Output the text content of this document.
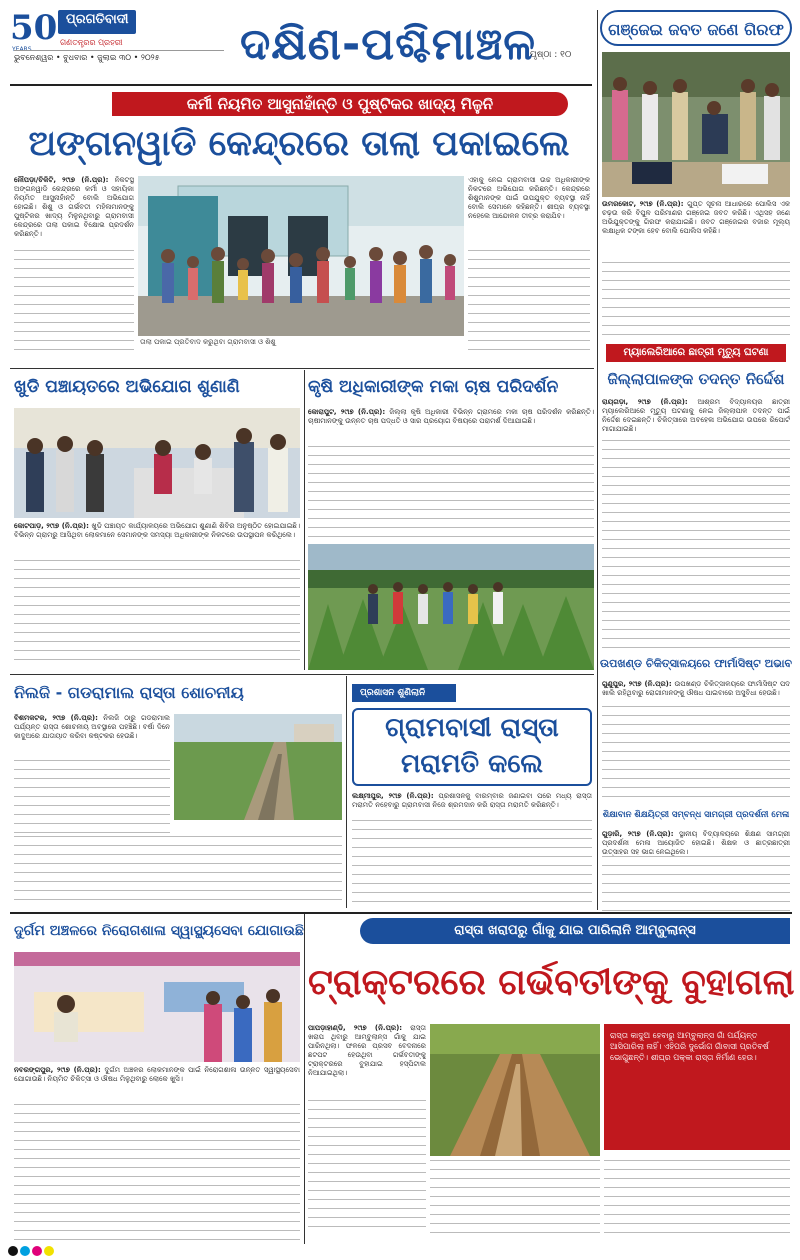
50
YEARS
ପ୍ରଗତିବାଦୀ
ଗଣତନ୍ତ୍ରର ପ୍ରହରୀ
ଭୁବନେଶ୍ୱର • ବୁଧବାର • ଜୁଲାଇ ୩୦ • ୨୦୨୫	ଦକ୍ଷିଣ-ପଶ୍ଚିମାଞ୍ଚଳ
ପୃଷ୍ଠା : ୧୦
କର୍ମୀ ନିୟମିତ ଆସୁନାହାଁନ୍ତି ଓ ପୁଷ୍ଟିକର ଖାଦ୍ୟ ମିଳୁନି
ଅଙ୍ଗନୱାଡି କେନ୍ଦ୍ରରେ ତାଲା ପକାଇଲେ
ନୌପଡ଼ା/ଚିକିଟି, ୨୯ା୭ (ନି.ପ୍ର): ନିକଟସ୍ଥ ଅଙ୍ଗନୱାଡି କେନ୍ଦ୍ରରେ କର୍ମୀ ଓ ସହାୟିକା ନିୟମିତ ଆସୁନାହାଁନ୍ତି ବୋଲି ଅଭିଯୋଗ ହୋଇଛି। ଶିଶୁ ଓ ଗର୍ଭବତୀ ମହିଳାମାନଙ୍କୁ ପୁଷ୍ଟିକର ଖାଦ୍ୟ ମିଳୁନଥିବାରୁ ଗ୍ରାମବାସୀ କେନ୍ଦ୍ରରେ ତାଲା ପକାଇ ବିକ୍ଷୋଭ ପ୍ରଦର୍ଶନ କରିଛନ୍ତି।
ତାଲା ପକାଇ ପ୍ରତିବାଦ କରୁଥିବା ଗ୍ରାମବାସୀ ଓ ଶିଶୁ
ଏହାକୁ ନେଇ ଗ୍ରାମବାସୀ ଉଚ୍ଚ ଅଧିକାରୀଙ୍କ ନିକଟରେ ଅଭିଯୋଗ କରିଛନ୍ତି। କେନ୍ଦ୍ରରେ ଶିଶୁମାନଙ୍କ ପାଇଁ ଉପଯୁକ୍ତ ବ୍ୟବସ୍ଥା ନାହିଁ ବୋଲି ସେମାନେ କହିଛନ୍ତି। ଶୀଘ୍ର ବ୍ୟବସ୍ଥା ନହେଲେ ଆନ୍ଦୋଳନ ତୀବ୍ର କରାଯିବ।
ଗଞ୍ଜେଇ ଜବତ ଜଣେ ଗିରଫ
ଉମରକୋଟ, ୨୯ା୭ (ନି.ପ୍ର): ଗୁପ୍ତ ସୂଚନା ଆଧାରରେ ପୋଲିସ ଏକ ଚଢ଼ଉ କରି ବିପୁଳ ପରିମାଣର ଗଞ୍ଜେଇ ଜବତ କରିଛି। ଏଥିସହ ଜଣେ ଅଭିଯୁକ୍ତଙ୍କୁ ଗିରଫ କରାଯାଇଛି। ଜବତ ଗଞ୍ଜେଇର ବଜାର ମୂଲ୍ୟ ଲକ୍ଷାଧିକ ଟଙ୍କା ହେବ ବୋଲି ପୋଲିସ କହିଛି।
ମ୍ୟାଲେରିଆରେ ଛାତ୍ରୀ ମୃତ୍ୟୁ ଘଟଣା
ଜିଲ୍ଲାପାଳଙ୍କ ତଦନ୍ତ ନିର୍ଦ୍ଦେଶ
ରାୟଗଡ଼ା, ୨୯ା୭ (ନି.ପ୍ର): ଆଶ୍ରମ ବିଦ୍ୟାଳୟର ଛାତ୍ରୀ ମ୍ୟାଲେରିଆରେ ମୃତ୍ୟୁ ଘଟଣାକୁ ନେଇ ଜିଲ୍ଲାପାଳ ତଦନ୍ତ ପାଇଁ ନିର୍ଦ୍ଦେଶ ଦେଇଛନ୍ତି। ଚିକିତ୍ସାରେ ଅବହେଳା ଅଭିଯୋଗ ଉପରେ ରିପୋର୍ଟ ମାଗାଯାଇଛି।
ଉପଖଣ୍ଡ ଚିକିତ୍ସାଳୟରେ ଫାର୍ମାସିଷ୍ଟ ଅଭାବ
ଗୁଣୁପୁର, ୨୯ା୭ (ନି.ପ୍ର): ଉପଖଣ୍ଡ ଚିକିତ୍ସାଳୟରେ ଫାର୍ମାସିଷ୍ଟ ପଦ ଖାଲି ରହିଥିବାରୁ ରୋଗୀମାନଙ୍କୁ ଔଷଧ ପାଇବାରେ ଅସୁବିଧା ହେଉଛି।
ଶିକ୍ଷାବାନ ଶିକ୍ଷୟିତ୍ରୀ ସମ୍ବନ୍ଧ ସାମଗ୍ରୀ ପ୍ରଦର୍ଶନୀ ମେଳା
ଗୁଡ଼ାରି, ୨୯ା୭ (ନି.ପ୍ର): ସ୍ଥାନୀୟ ବିଦ୍ୟାଳୟରେ ଶିକ୍ଷଣ ସାମଗ୍ରୀ ପ୍ରଦର୍ଶନୀ ମେଳା ଆୟୋଜିତ ହୋଇଛି। ଶିକ୍ଷକ ଓ ଛାତ୍ରଛାତ୍ରୀ ଉତ୍ସାହର ସହ ଭାଗ ନେଇଥିଲେ।
ଖୁଡି ପଞ୍ଚାୟତରେ ଅଭିଯୋଗ ଶୁଣାଣି	କୃଷି ଅଧିକାରୀଙ୍କ ମକା ଚାଷ ପରିଦର୍ଶନ
କୋଟପାଡ଼, ୨୯ା୭ (ନି.ପ୍ର): ଖୁଡି ପଞ୍ଚାୟତ କାର୍ଯ୍ୟାଳୟରେ ଅଭିଯୋଗ ଶୁଣାଣି ଶିବିର ଅନୁଷ୍ଠିତ ହୋଇଯାଇଛି। ବିଭିନ୍ନ ଗ୍ରାମରୁ ଆସିଥିବା ଲୋକମାନେ ସେମାନଙ୍କ ସମସ୍ୟା ଅଧିକାରୀଙ୍କ ନିକଟରେ ଉପସ୍ଥାପନ କରିଥିଲେ।
କୋରାପୁଟ, ୨୯ା୭ (ନି.ପ୍ର): ଜିଲ୍ଲା କୃଷି ଅଧିକାରୀ ବିଭିନ୍ନ ଗ୍ରାମରେ ମକା ଚାଷ ପରିଦର୍ଶନ କରିଛନ୍ତି। ଚାଷୀମାନଙ୍କୁ ଉନ୍ନତ ଚାଷ ପଦ୍ଧତି ଓ ସାର ପ୍ରୟୋଗ ବିଷୟରେ ପରାମର୍ଶ ଦିଆଯାଇଛି।
ନିଲଜି - ଗଡରାମାଲ ରାସ୍ତା ଶୋଚନୀୟ
ବିଶମକଟକ, ୨୯ା୭ (ନି.ପ୍ର): ନିଲଜି ଠାରୁ ଗଡରାମାଲ ପର୍ଯ୍ୟନ୍ତ ରାସ୍ତା ଶୋଚନୀୟ ଅବସ୍ଥାରେ ପହଞ୍ଚିଛି। ବର୍ଷା ଦିନେ କାଦୁଅରେ ଯାତାୟାତ କରିବା କଷ୍ଟକର ହେଉଛି।
ପ୍ରଶାସନ ଶୁଣିଲାନି
ଗ୍ରାମବାସୀ ରାସ୍ତା
ମରାମତି କଲେ
ଲକ୍ଷ୍ମୀପୁର, ୨୯ା୭ (ନି.ପ୍ର): ପ୍ରଶାସନକୁ ବାରମ୍ବାର ଜଣାଇବା ପରେ ମଧ୍ୟ ରାସ୍ତା ମରାମତି ନହେବାରୁ ଗ୍ରାମବାସୀ ନିଜେ ଶ୍ରମଦାନ କରି ରାସ୍ତା ମରାମତି କରିଛନ୍ତି।
ଦୁର୍ଗମ ଅଞ୍ଚଳରେ ନିରୋଗଶାଳା ସ୍ୱାସ୍ଥ୍ୟସେବା ଯୋଗାଉଛି
ନବରଙ୍ଗପୁର, ୨୯ା୭ (ନି.ପ୍ର): ଦୁର୍ଗମ ଅଞ୍ଚଳର ଲୋକମାନଙ୍କ ପାଇଁ ନିରୋଗଶାଳା ଉନ୍ନତ ସ୍ୱାସ୍ଥ୍ୟସେବା ଯୋଗାଉଛି। ନିୟମିତ ଚିକିତ୍ସା ଓ ଔଷଧ ମିଳୁଥିବାରୁ ଲୋକେ ଖୁସି।
ରାସ୍ତା ଖରାପରୁ ଗାଁକୁ ଯାଇ ପାରିଲାନି ଆମ୍ବୁଲାନ୍ସ
ଟ୍ରାକ୍ଟରରେ ଗର୍ଭବତୀଙ୍କୁ ବୁହାଗଲା
ପାପଡ଼ାହାଣ୍ଡି, ୨୯ା୭ (ନି.ପ୍ର): ରାସ୍ତା ଖରାପ ଥିବାରୁ ଆମ୍ବୁଲାନ୍ସ ଗାଁକୁ ଯାଇ ପାରିନଥିଲା। ଫଳରେ ପ୍ରସବ ବେଦନାରେ ଛଟପଟ ହେଉଥିବା ଗର୍ଭବତୀଙ୍କୁ ଟ୍ରାକ୍ଟରରେ ବୁହାଯାଇ ହସ୍ପିଟାଲ ନିଆଯାଇଥିଲା।
ରାସ୍ତା କାଦୁଅ ହେବାରୁ ଆମ୍ବୁଲାନ୍ସ ଗାଁ ପର୍ଯ୍ୟନ୍ତ ଆସିପାରିଲା ନାହିଁ। ଏହିପରି ଦୁର୍ଭୋଗ ଗାଁବାସୀ ପ୍ରତିବର୍ଷ ଭୋଗୁଛନ୍ତି। ଶୀଘ୍ର ପକ୍କା ରାସ୍ତା ନିର୍ମାଣ ହେଉ।
